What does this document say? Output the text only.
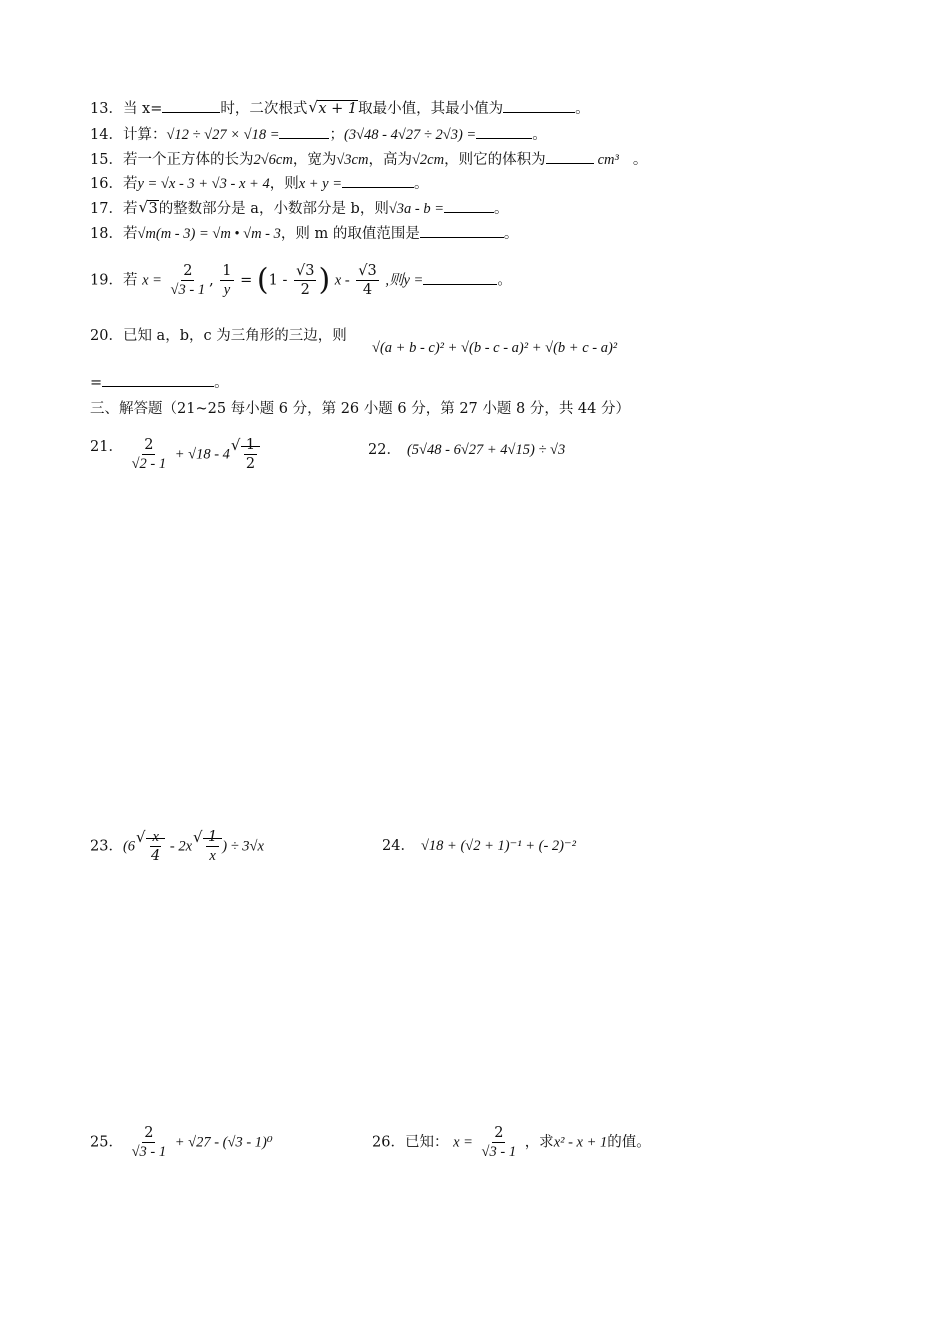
13．当 x=	时，二次根式 √ x + 1取最小值，其最小值为	。
14．计算：√12 ÷ √27 × √18 =	；(3√48 - 4√27 ÷ 2√3) =	。
15．若一个正方体的长为2√6cm，宽为√3cm，高为√2cm，则它的体积为	cm³ 。
16．若y = √x - 3 + √3 - x + 4，则x + y =	。
17．若 √ 3的整数部分是 a，小数部分是 b，则√3a - b =	。
18．若√m(m - 3) = √m • √m - 3，则 m 的取值范围是	。
19．若 $x = \frac{2}{√3 - 1}$ , $\frac{1}{y} = (1 - \frac{√3}{2}$ ) x - $\frac{√3}{4}$ ,则y =	。
20．已知 a，b，c 为三角形的三边，则
√(a + b - c)² + √(b - c - a)² + √(b + c - a)²
=	。
三、解答题（21~25 每小题 6 分，第 26 小题 6 分，第 27 小题 8 分，共 44 分）
21． $\frac{2}{√2 - 1} + √18 - 4$ √ $\frac{1}{2}$	22． (5√48 - 6√27 + 4√15) ÷ √3
23．(6 √ $\frac{x}{4} - 2x$ √ $\frac{1}{x}$ ) ÷ 3√x	24． √18 + (√2 + 1)⁻¹ + (- 2)⁻²
25． $\frac{2}{√3 - 1} + √27 - (√3 - 1)^0$	26．已知： $x = \frac{2}{√3 - 1}$ ，求x² - x + 1的值。
